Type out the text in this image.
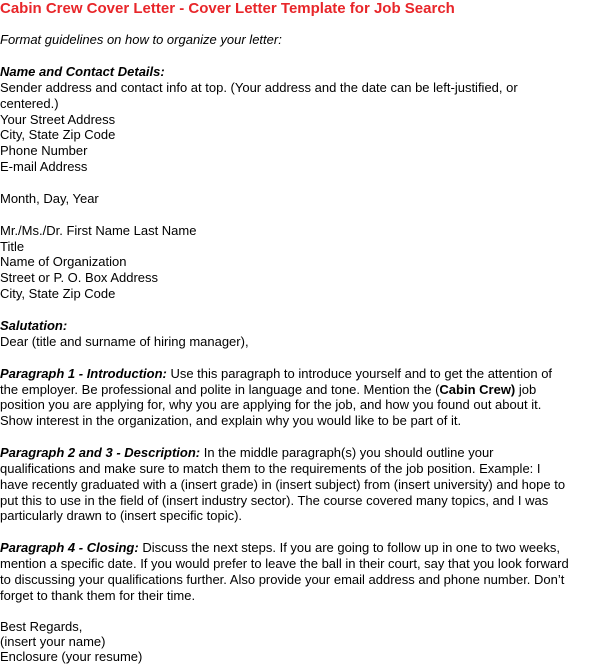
Cabin Crew Cover Letter - Cover Letter Template for Job Search
Format guidelines on how to organize your letter:
Name and Contact Details:
Sender address and contact info at top. (Your address and the date can be left-justified, or
centered.)
Your Street Address
City, State Zip Code
Phone Number
E-mail Address
Month, Day, Year
Mr./Ms./Dr. First Name Last Name
Title
Name of Organization
Street or P. O. Box Address
City, State Zip Code
Salutation:
Dear (title and surname of hiring manager),
Paragraph 1 - Introduction: Use this paragraph to introduce yourself and to get the attention of
the employer. Be professional and polite in language and tone. Mention the (Cabin Crew) job
position you are applying for, why you are applying for the job, and how you found out about it.
Show interest in the organization, and explain why you would like to be part of it.
Paragraph 2 and 3 - Description: In the middle paragraph(s) you should outline your
qualifications and make sure to match them to the requirements of the job position. Example: I
have recently graduated with a (insert grade) in (insert subject) from (insert university) and hope to
put this to use in the field of (insert industry sector). The course covered many topics, and I was
particularly drawn to (insert specific topic).
Paragraph 4 - Closing: Discuss the next steps. If you are going to follow up in one to two weeks,
mention a specific date. If you would prefer to leave the ball in their court, say that you look forward
to discussing your qualifications further. Also provide your email address and phone number. Don’t
forget to thank them for their time.
Best Regards,
(insert your name)
Enclosure (your resume)
